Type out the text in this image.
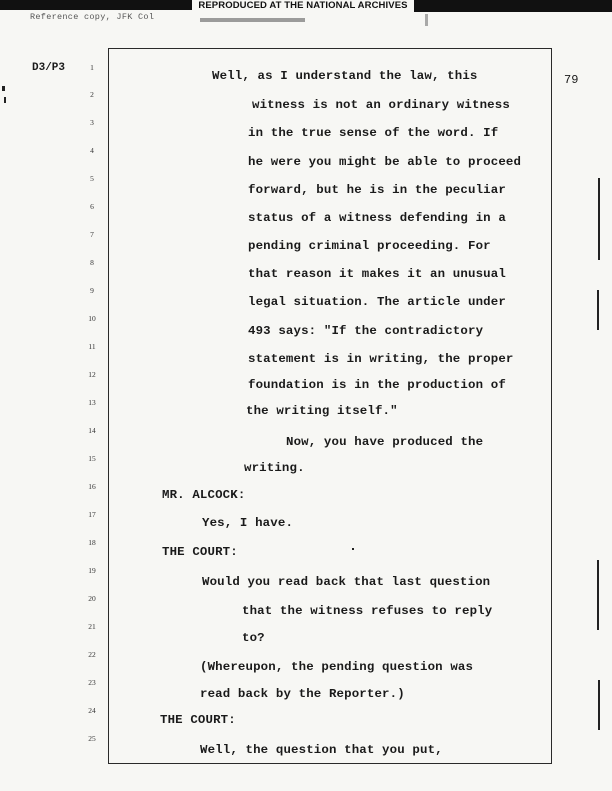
REPRODUCED AT THE NATIONAL ARCHIVES
Reference copy, JFK Col
D3/P3
79
1
2
3
4
5
6
7
8
9
10
11
12
13
14
15
16
17
18
19
20
21
22
23
24
25
Well, as I understand the law, this
witness is not an ordinary witness
in the true sense of the word. If
he were you might be able to proceed
forward, but he is in the peculiar
status of a witness defending in a
pending criminal proceeding. For
that reason it makes it an unusual
legal situation. The article under
493 says: "If the contradictory
statement is in writing, the proper
foundation is in the production of
the writing itself."
Now, you have produced the
writing.
MR. ALCOCK:
Yes, I have.
THE COURT:
Would you read back that last question
that the witness refuses to reply
to?
(Whereupon, the pending question was
read back by the Reporter.)
THE COURT:
Well, the question that you put,
